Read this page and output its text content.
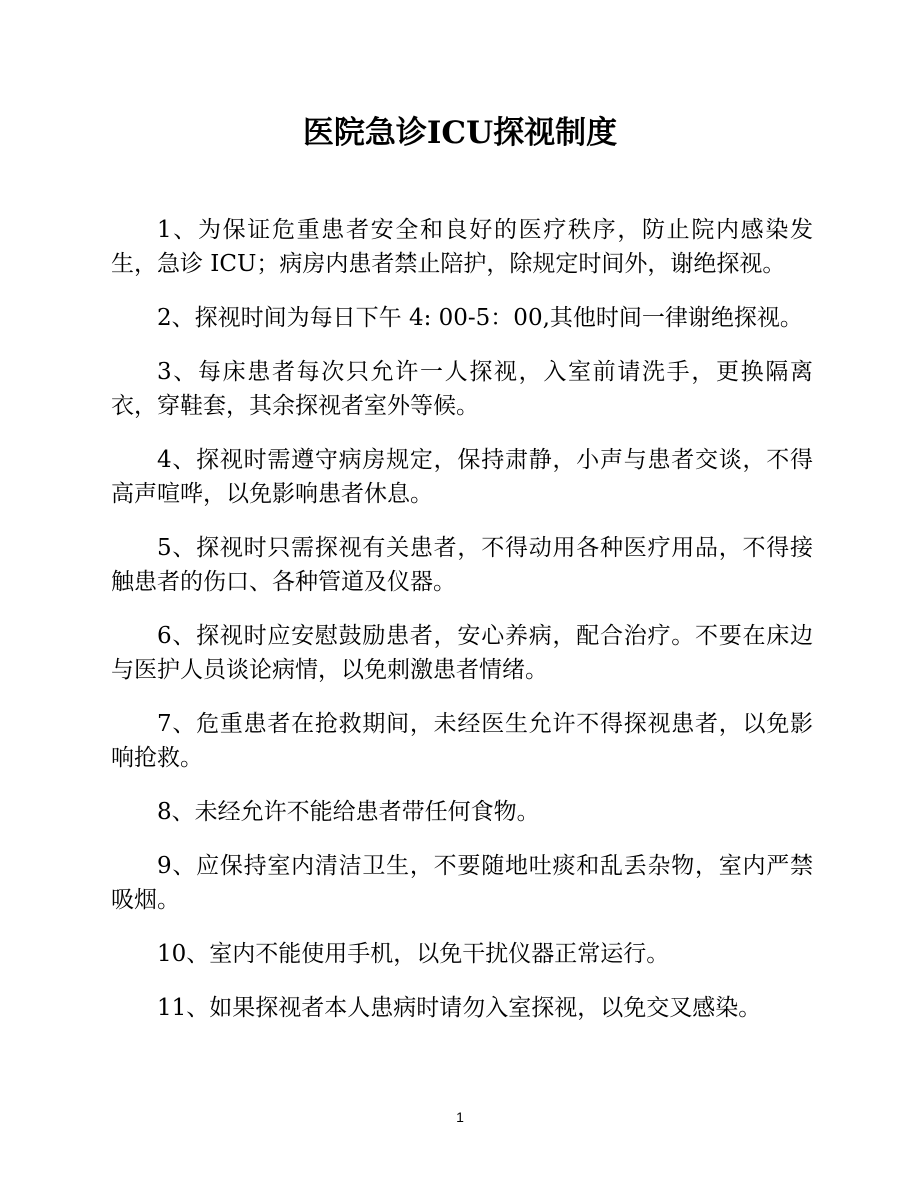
医院急诊ICU探视制度

1、为保证危重患者安全和良好的医疗秩序，防止院内感染发生，急诊 ICU；病房内患者禁止陪护，除规定时间外，谢绝探视。

2、探视时间为每日下午 4: 00-5：00,其他时间一律谢绝探视。

3、每床患者每次只允许一人探视，入室前请洗手，更换隔离衣，穿鞋套，其余探视者室外等候。

4、探视时需遵守病房规定，保持肃静，小声与患者交谈，不得高声喧哗，以免影响患者休息。

5、探视时只需探视有关患者，不得动用各种医疗用品，不得接触患者的伤口、各种管道及仪器。

6、探视时应安慰鼓励患者，安心养病，配合治疗。不要在床边与医护人员谈论病情，以免刺激患者情绪。

7、危重患者在抢救期间，未经医生允许不得探视患者，以免影响抢救。

8、未经允许不能给患者带任何食物。

9、应保持室内清洁卫生，不要随地吐痰和乱丢杂物，室内严禁吸烟。

10、室内不能使用手机，以免干扰仪器正常运行。

11、如果探视者本人患病时请勿入室探视，以免交叉感染。

1
